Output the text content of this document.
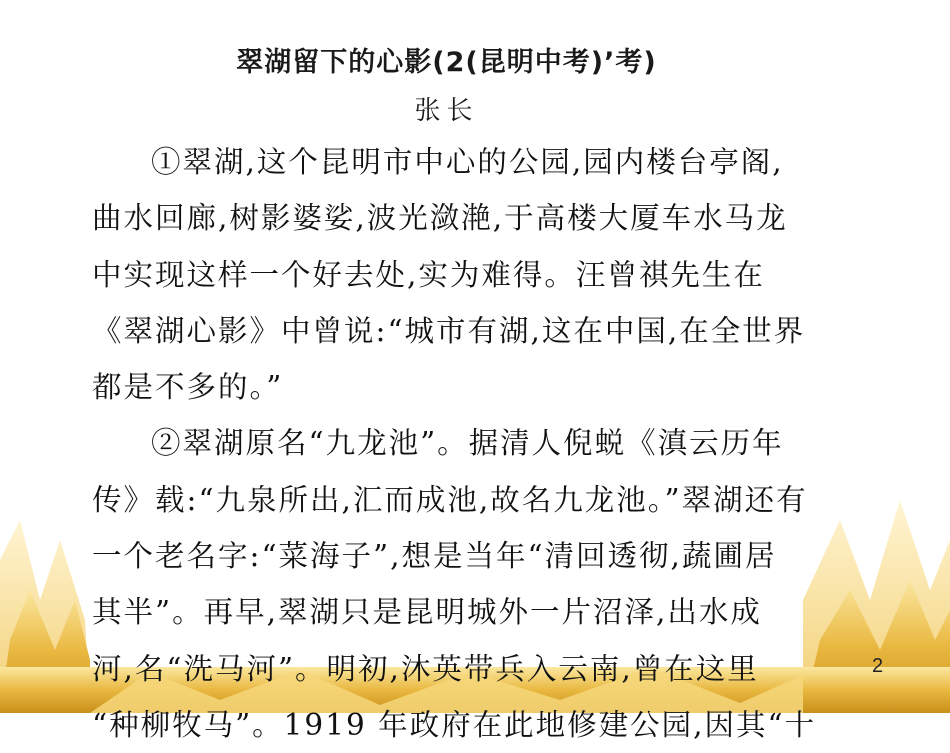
翠湖留下的心影(2(昆明中考)’考)
张长

①翠湖,这个昆明市中心的公园,园内楼台亭阁,
曲水回廊,树影婆娑,波光潋滟,于高楼大厦车水马龙
中实现这样一个好去处,实为难得。汪曾祺先生在
《翠湖心影》中曾说:“城市有湖,这在中国,在全世界
都是不多的。”

②翠湖原名“九龙池”。据清人倪蜕《滇云历年
传》载:“九泉所出,汇而成池,故名九龙池。”翠湖还有
一个老名字:“菜海子”,想是当年“清回透彻,蔬圃居
其半”。再早,翠湖只是昆明城外一片沼泽,出水成
河,名“洗马河”。明初,沐英带兵入云南,曾在这里
“种柳牧马”。1919 年政府在此地修建公园,因其“十

2
